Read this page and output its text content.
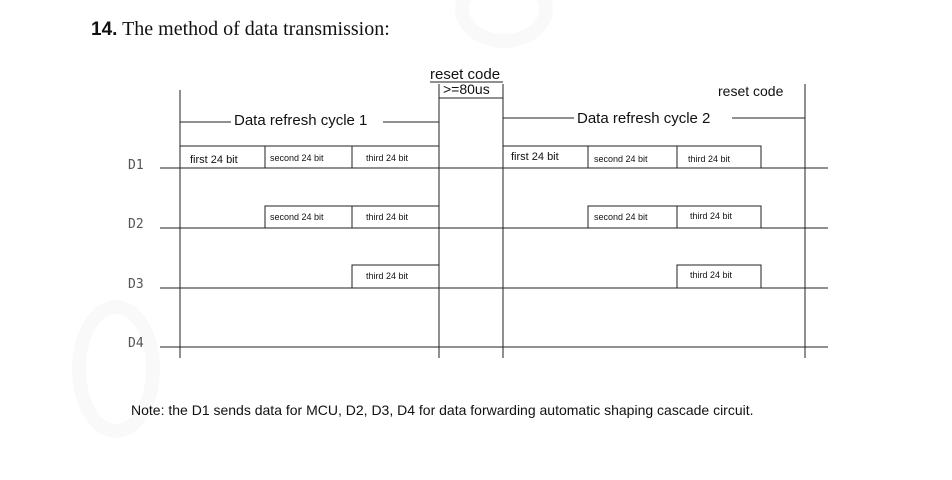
14. The method of data transmission:
reset code
>=80us	reset code
Data refresh cycle 1	Data refresh cycle 2
D1	first 24 bit	second 24 bit	third 24 bit	first 24 bit	second 24 bit	third 24 bit
D2	second 24 bit	third 24 bit	second 24 bit	third 24 bit
D3
third 24 bit	third 24 bit
D4
Note: the D1 sends data for MCU, D2, D3, D4 for data forwarding automatic shaping cascade circuit.
